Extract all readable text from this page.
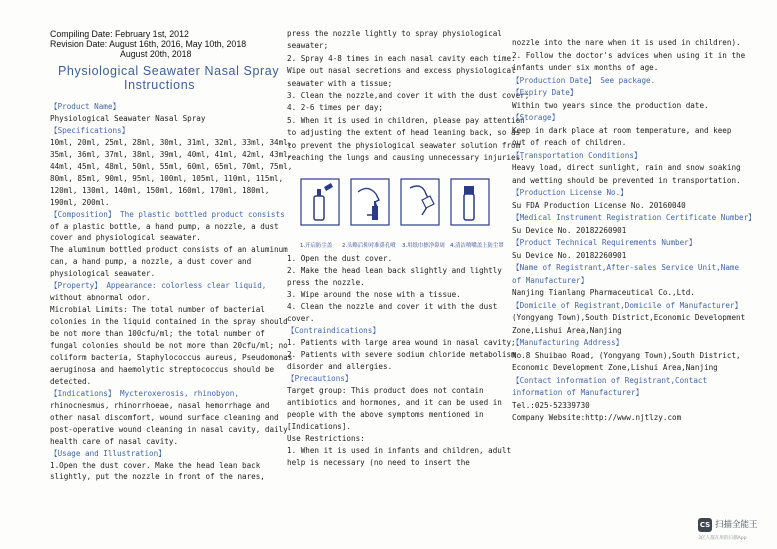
Compiling Date: February 1st, 2012
Revision Date: August 16th, 2016, May 10th, 2018
August 20th, 2018
Physiological Seawater Nasal Spray
Instructions
【Product Name】
Physiological Seawater Nasal Spray
【Specifications】
10ml, 20ml, 25ml, 28ml, 30ml, 31ml, 32ml, 33ml, 34ml,
35ml, 36ml, 37ml, 38ml, 39ml, 40ml, 41ml, 42ml, 43ml,
44ml, 45ml, 48ml, 50ml, 55ml, 60ml, 65ml, 70ml, 75ml,
80ml, 85ml, 90ml, 95ml, 100ml, 105ml, 110ml, 115ml,
120ml, 130ml, 140ml, 150ml, 160ml, 170ml, 180ml,
190ml, 200ml.
【Composition】 The plastic bottled product consists
of a plastic bottle, a hand pump, a nozzle, a dust
cover and physiological seawater.
The aluminum bottled product consists of an aluminum
can, a hand pump, a nozzle, a dust cover and
physiological seawater.
【Property】 Appearance: colorless clear liquid,
without abnormal odor.
Microbial Limits: The total number of bacterial
colonies in the liquid contained in the spray should
be not more than 100cfu/ml; the total number of
fungal colonies should be not more than 20cfu/ml; no
coliform bacteria, Staphylococcus aureus, Pseudomonas
aeruginosa and haemolytic streptococcus should be
detected.
【Indications】 Mycteroxerosis, rhinobyon,
rhinocnesmus, rhinorrhoeae, nasal hemorrhage and
other nasal discomfort, wound surface cleaning and
post-operative wound cleaning in nasal cavity, daily
health care of nasal cavity.
【Usage and Illustration】
1.Open the dust cover. Make the head lean back
slightly, put the nozzle in front of the nares,
press the nozzle lightly to spray physiological
seawater;
2. Spray 4-8 times in each nasal cavity each time.
Wipe out nasal secretions and excess physiological
seawater with a tissue;
3. Clean the nozzle,and cover it with the dust cover;
4. 2-6 times per day;
5. When it is used in children, please pay attention
to adjusting the extent of head leaning back, so as
to prevent the physiological seawater solution from
reaching the lungs and causing unnecessary injuries.
1. Open the dust cover.
2. Make the head lean back slightly and lightly
press the nozzle.
3. Wipe around the nose with a tissue.
4. Clean the nozzle and cover it with the dust
cover.
【Contraindications】
1. Patients with large area wound in nasal cavity;
2. Patients with severe sodium chloride metabolism
disorder and allergies.
【Precautions】
Target group: This product does not contain
antibiotics and hormones, and it can be used in
people with the above symptoms mentioned in
[Indications].
Use Restrictions:
1. When it is used in infants and children, adult
help is necessary (no need to insert the
nozzle into the nare when it is used in children).
2. Follow the doctor's advices when using it in the
infants under six months of age.
【Production Date】 See package.
【Expiry Date】
Within two years since the production date.
【Storage】
Keep in dark place at room temperature, and keep
out of reach of children.
【Transportation Conditions】
Heavy load, direct sunlight, rain and snow soaking
and wetting should be prevented in transportation.
【Production License No.】
Su FDA Production License No. 20160040
【Medical Instrument Registration Certificate Number】
Su Device No. 20182260901
【Product Technical Requirements Number】
Su Device No. 20182260901
【Name of Registrant,After-sales Service Unit,Name
of Manufacturer】
Nanjing Tianlang Pharmaceutical Co.,Ltd.
【Domicile of Registrant,Domicile of Manufacturer】
(Yongyang Town),South District,Economic Development
Zone,Lishui Area,Nanjing
【Manufacturing Address】
No.8 Shuibao Road, (Yongyang Town),South District,
Economic Development Zone,Lishui Area,Nanjing
【Contact information of Registrant,Contact
information of Manufacturer】
Tel.:025-52339730
Company Website:http://www.njtlzy.com
1.开启防尘盖 2.头略后仰对准鼻孔噴 3.用纸巾擦净鼻周 4.清洁喷嘴盖上防尘罩
CS 扫描全能王
3亿人都在用的扫描App
